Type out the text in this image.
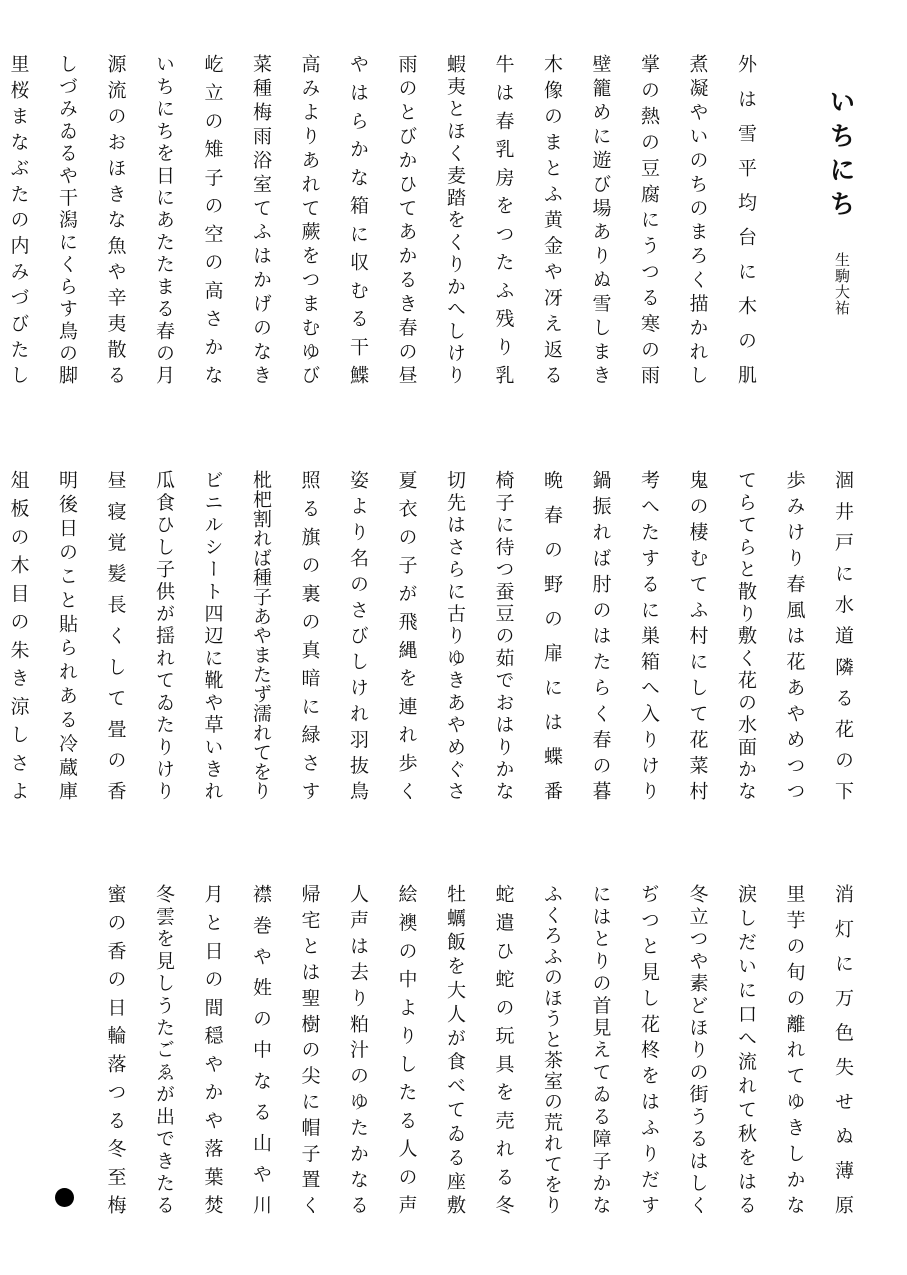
いちにち
生駒大祐
外は雪平均台に木の肌
煮凝やいのちのまろく描かれし
掌の熱の豆腐にうつる寒の雨
壁籠めに遊び場ありぬ雪しまき
木像のまとふ黄金や冴え返る
牛は春乳房をつたふ残り乳
蝦夷とほく麦踏をくりかへしけり
雨のとびかひてあかるき春の昼
やはらかな箱に収むる干鰈
高みよりあれて蕨をつまむゆび
菜種梅雨浴室てふはかげのなき
屹立の雉子の空の高さかな
いちにちを日にあたたまる春の月
源流のおほきな魚や辛夷散る
しづみゐるや干潟にくらす鳥の脚
里桜まなぶたの内みづびたし
涸井戸に水道隣る花の下
歩みけり春風は花あやめつつ
てらてらと散り敷く花の水面かな
鬼の棲むてふ村にして花菜村
考へたするに巣箱へ入りけり
鍋振れば肘のはたらく春の暮
晩春の野の扉には蝶番
椅子に待つ蚕豆の茹でおはりかな
切先はさらに古りゆきあやめぐさ
夏衣の子が飛縄を連れ歩く
姿より名のさびしけれ羽抜鳥
照る旗の裏の真暗に緑さす
枇杷割れば種子あやまたず濡れてをり
ビニルシート四辺に靴や草いきれ
瓜食ひし子供が揺れてゐたりけり
昼寝覚髪長くして畳の香
明後日のこと貼られある冷蔵庫
俎板の木目の朱き涼しさよ
消灯に万色失せぬ薄原
里芋の旬の離れてゆきしかな
涙しだいに口へ流れて秋をはる
冬立つや素どほりの街うるはしく
ぢつと見し花柊をはふりだす
にはとりの首見えてゐる障子かな
ふくろふのほうと茶室の荒れてをり
蛇遣ひ蛇の玩具を売れる冬
牡蠣飯を大人が食べてゐる座敷
絵襖の中よりしたる人の声
人声は去り粕汁のゆたかなる
帰宅とは聖樹の尖に帽子置く
襟巻や姓の中なる山や川
月と日の間穏やかや落葉焚
冬雲を見しうたごゑが出できたる
蜜の香の日輪落つる冬至梅
